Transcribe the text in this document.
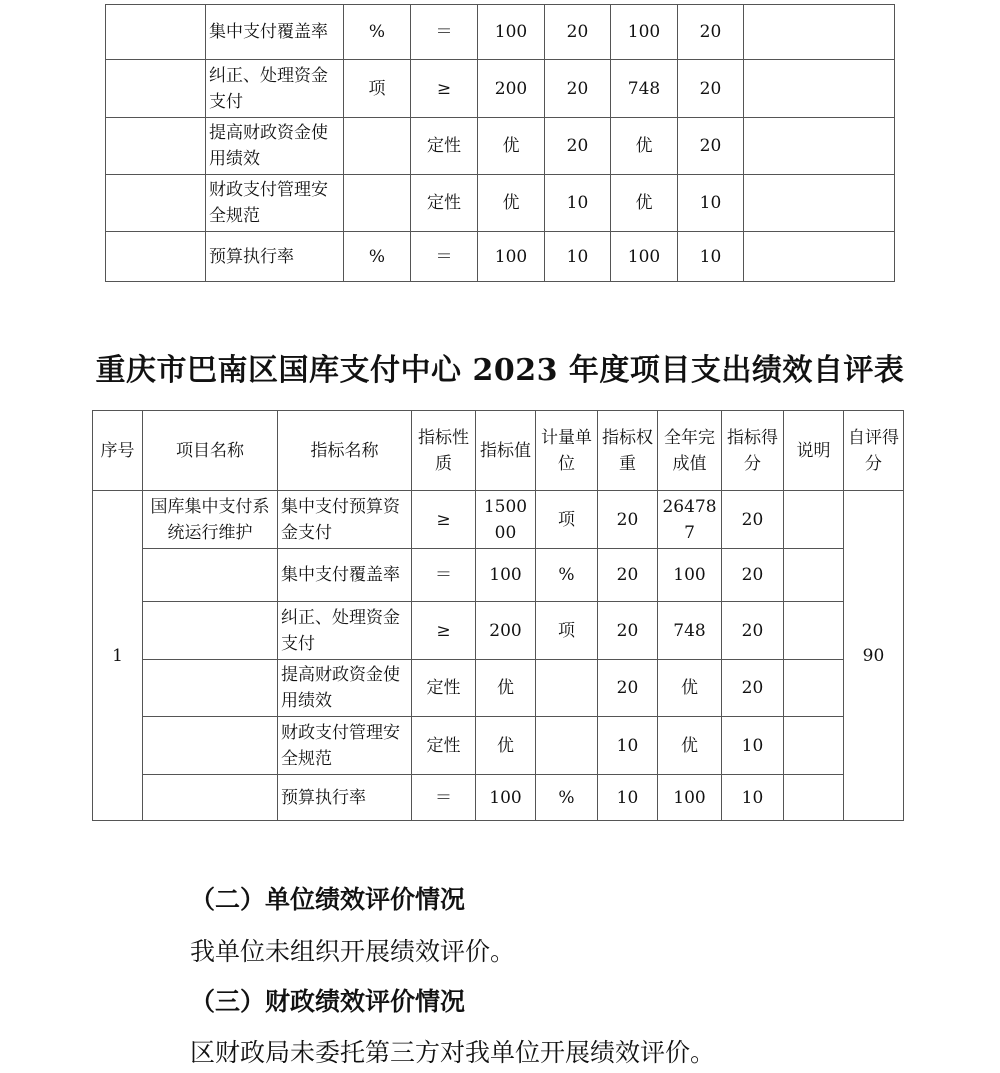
	集中支付覆盖率	%	＝	100	20	100	20	
	纠正、处理资金支付	项	≥	200	20	748	20	
	提高财政资金使用绩效		定性	优	20	优	20	
	财政支付管理安全规范		定性	优	10	优	10	
	预算执行率	%	＝	100	10	100	10	
重庆市巴南区国库支付中心 2023 年度项目支出绩效自评表
序号	项目名称	指标名称	指标性质	指标值	计量单位	指标权重	全年完成值	指标得分	说明	自评得分
1	国库集中支付系统运行维护	集中支付预算资金支付	≥	150000	项	20	264787	20		90
		集中支付覆盖率	＝	100	%	20	100	20		
		纠正、处理资金支付	≥	200	项	20	748	20		
		提高财政资金使用绩效	定性	优		20	优	20		
		财政支付管理安全规范	定性	优		10	优	10		
		预算执行率	＝	100	%	10	100	10		
（二）单位绩效评价情况
我单位未组织开展绩效评价。
（三）财政绩效评价情况
区财政局未委托第三方对我单位开展绩效评价。
